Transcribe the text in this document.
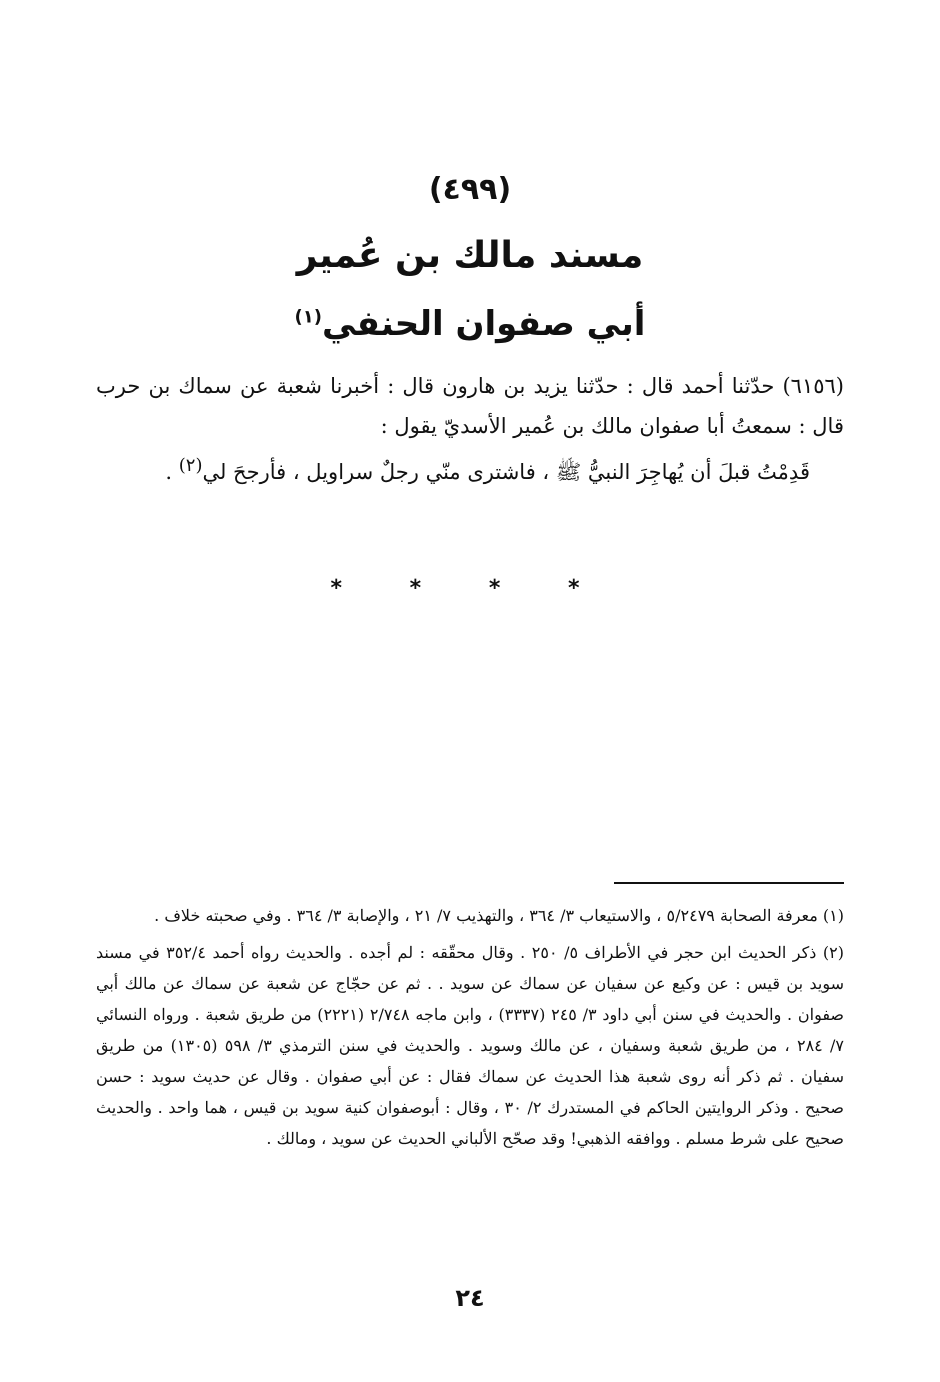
(٤٩٩)
مسند مالك بن عُمير
أبي صفوان الحنفي$^{(١)}$

(٦١٥٦) حدّثنا أحمد قال : حدّثنا يزيد بن هارون قال : أخبرنا شعبة عن سماك بن حرب قال : سمعتُ أبا صفوان مالك بن عُمير الأسديّ يقول :

قَدِمْتُ قبلَ أن يُهاجِرَ النبيُّ ﷺ ، فاشترى منّي رجلٌ سراويل ، فأرجحَ لي(٢) .

* * * *

(١) معرفة الصحابة ٥/٢٤٧٩ ، والاستيعاب ٣/ ٣٦٤ ، والتهذيب ٧/ ٢١ ، والإصابة ٣/ ٣٦٤ . وفي صحبته خلاف .

(٢) ذكر الحديث ابن حجر في الأطراف ٥/ ٢٥٠ . وقال محقّقه : لم أجده . والحديث رواه أحمد ٣٥٢/٤ في مسند سويد بن قيس : عن وكيع عن سفيان عن سماك عن سويد . . ثم عن حجّاج عن شعبة عن سماك عن مالك أبي صفوان . والحديث في سنن أبي داود ٣/ ٢٤٥ (٣٣٣٧) ، وابن ماجه ٢/٧٤٨ (٢٢٢١) من طريق شعبة . ورواه النسائي ٧/ ٢٨٤ ، من طريق شعبة وسفيان ، عن مالك وسويد . والحديث في سنن الترمذي ٣/ ٥٩٨ (١٣٠٥) من طريق سفيان . ثم ذكر أنه روى شعبة هذا الحديث عن سماك فقال : عن أبي صفوان . وقال عن حديث سويد : حسن صحيح . وذكر الروايتين الحاكم في المستدرك ٢/ ٣٠ ، وقال : أبوصفوان كنية سويد بن قيس ، هما واحد . والحديث صحيح على شرط مسلم . ووافقه الذهبي! وقد صحّح الألباني الحديث عن سويد ، ومالك .

٢٤
